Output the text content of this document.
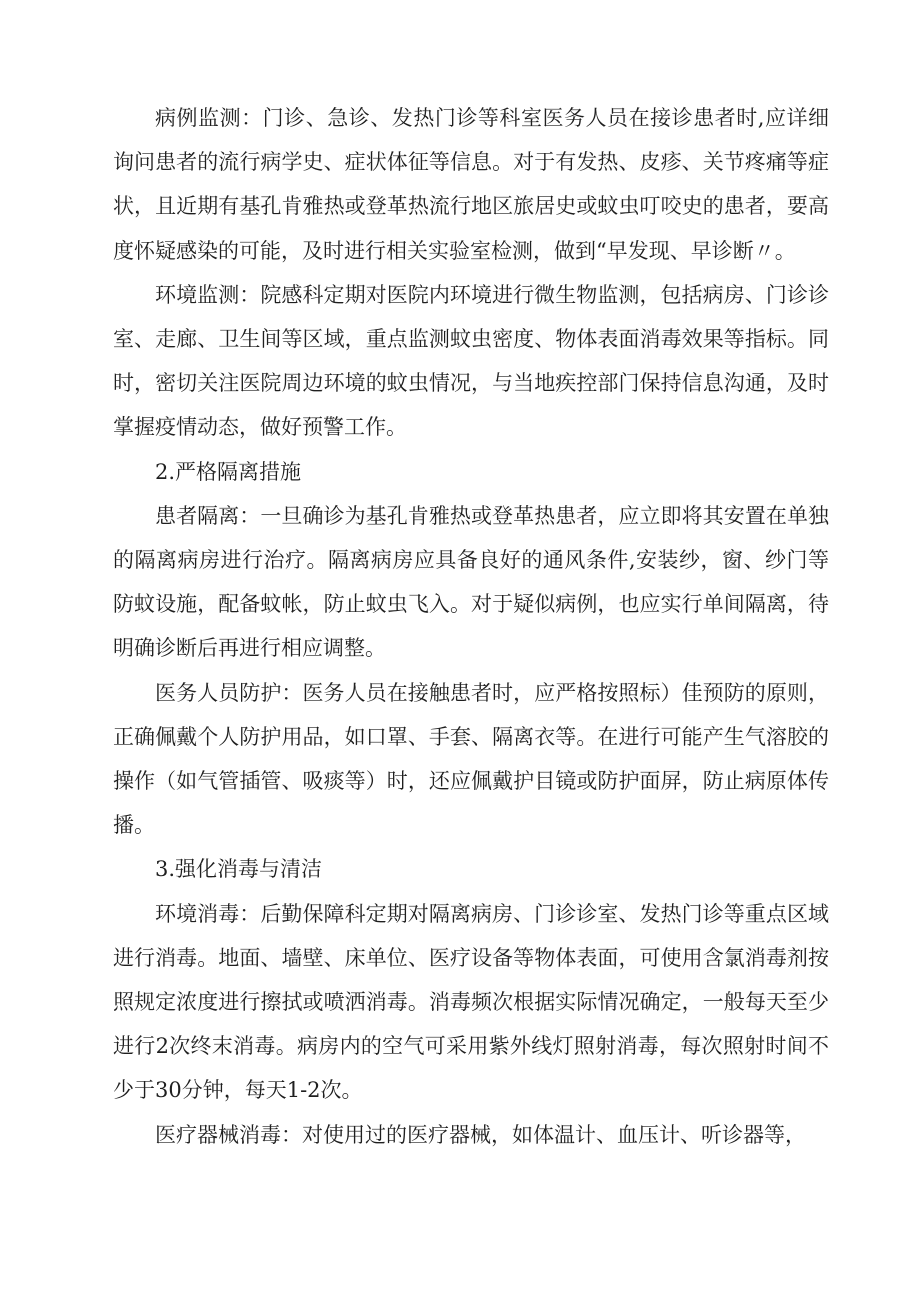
病例监测：门诊、急诊、发热门诊等科室医务人员在接诊患者时,应详细询问患者的流行病学史、症状体征等信息。对于有发热、皮疹、关节疼痛等症状，且近期有基孔肯雅热或登革热流行地区旅居史或蚊虫叮咬史的患者，要高度怀疑感染的可能，及时进行相关实验室检测，做到“早发现、早诊断〃。

环境监测：院感科定期对医院内环境进行微生物监测，包括病房、门诊诊室、走廊、卫生间等区域，重点监测蚊虫密度、物体表面消毒效果等指标。同时，密切关注医院周边环境的蚊虫情况，与当地疾控部门保持信息沟通，及时掌握疫情动态，做好预警工作。

2.严格隔离措施

患者隔离：一旦确诊为基孔肯雅热或登革热患者，应立即将其安置在单独的隔离病房进行治疗。隔离病房应具备良好的通风条件,安装纱，窗、纱门等防蚊设施，配备蚊帐，防止蚊虫飞入。对于疑似病例，也应实行单间隔离，待明确诊断后再进行相应调整。

医务人员防护：医务人员在接触患者时，应严格按照标）佳预防的原则，正确佩戴个人防护用品，如口罩、手套、隔离衣等。在进行可能产生气溶胶的操作（如气管插管、吸痰等）时，还应佩戴护目镜或防护面屏，防止病原体传播。

3.强化消毒与清洁

环境消毒：后勤保障科定期对隔离病房、门诊诊室、发热门诊等重点区域进行消毒。地面、墙壁、床单位、医疗设备等物体表面，可使用含氯消毒剂按照规定浓度进行擦拭或喷洒消毒。消毒频次根据实际情况确定，一般每天至少进行2次终末消毒。病房内的空气可采用紫外线灯照射消毒，每次照射时间不少于30分钟，每天1-2次。

医疗器械消毒：对使用过的医疗器械，如体温计、血压计、听诊器等，
